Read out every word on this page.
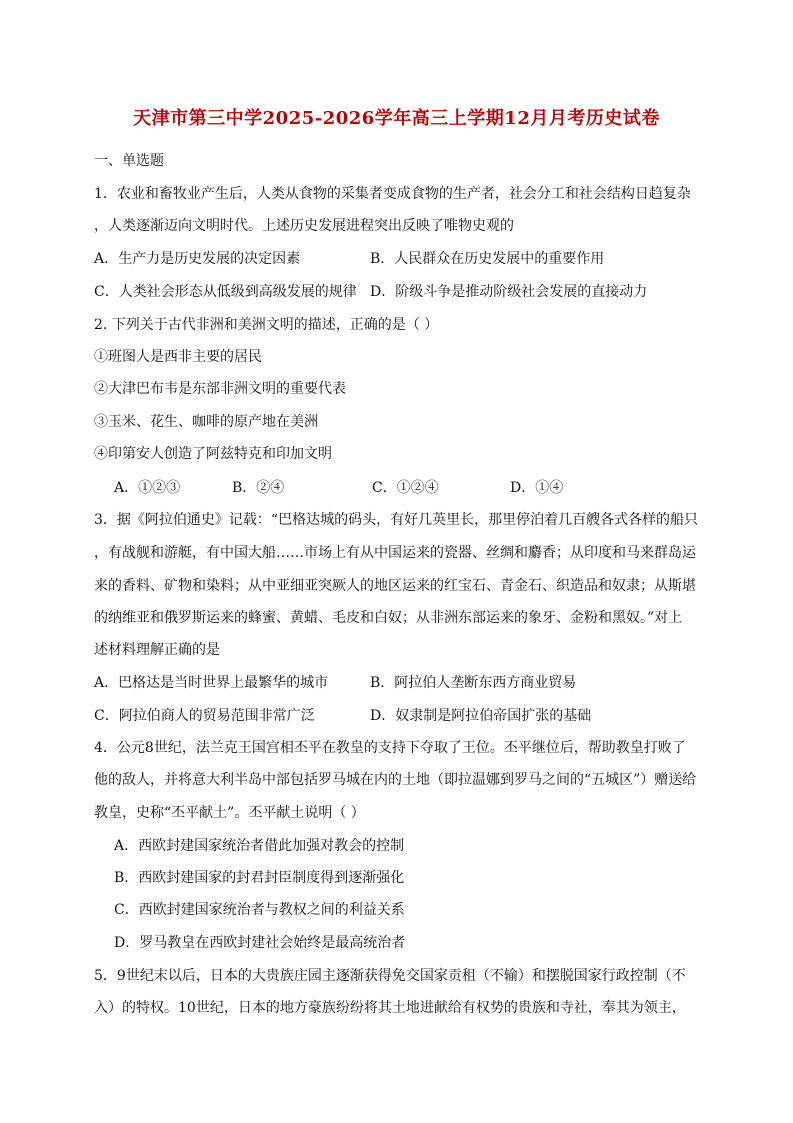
天津市第三中学2025-2026学年高三上学期12月月考历史试卷
一、单选题
1．农业和畜牧业产生后，人类从食物的采集者变成食物的生产者，社会分工和社会结构日趋复杂
，人类逐渐迈向文明时代。上述历史发展进程突出反映了唯物史观的
A．生产力是历史发展的决定因素	B．人民群众在历史发展中的重要作用
C．人类社会形态从低级到高级发展的规律 D．阶级斗争是推动阶级社会发展的直接动力
2. 下列关于古代非洲和美洲文明的描述，正确的是（ ）
①班图人是西非主要的居民
②大津巴布韦是东部非洲文明的重要代表
③玉米、花生、咖啡的原产地在美洲
④印第安人创造了阿兹特克和印加文明
A．①②③	B．②④	C．①②④	D．①④
3．据《阿拉伯通史》记载：“巴格达城的码头，有好几英里长，那里停泊着几百艘各式各样的船只
，有战舰和游艇，有中国大船……市场上有从中国运来的瓷器、丝绸和麝香；从印度和马来群岛运
来的香料、矿物和染料；从中亚细亚突厥人的地区运来的红宝石、青金石、织造品和奴隶；从斯堪
的纳维亚和俄罗斯运来的蜂蜜、黄蜡、毛皮和白奴；从非洲东部运来的象牙、金粉和黑奴。”对上
述材料理解正确的是
A．巴格达是当时世界上最繁华的城市	B．阿拉伯人垄断东西方商业贸易
C．阿拉伯商人的贸易范围非常广泛	D．奴隶制是阿拉伯帝国扩张的基础
4．公元8世纪，法兰克王国宫相丕平在教皇的支持下夺取了王位。丕平继位后，帮助教皇打败了
他的敌人，并将意大利半岛中部包括罗马城在内的土地（即拉温娜到罗马之间的“五城区”）赠送给
教皇，史称“丕平献土”。丕平献土说明（ ）
A．西欧封建国家统治者借此加强对教会的控制
B．西欧封建国家的封君封臣制度得到逐渐强化
C．西欧封建国家统治者与教权之间的利益关系
D．罗马教皇在西欧封建社会始终是最高统治者
5．9世纪末以后，日本的大贵族庄园主逐渐获得免交国家贡租（不输）和摆脱国家行政控制（不
入）的特权。10世纪，日本的地方豪族纷纷将其土地进献给有权势的贵族和寺社，奉其为领主，
